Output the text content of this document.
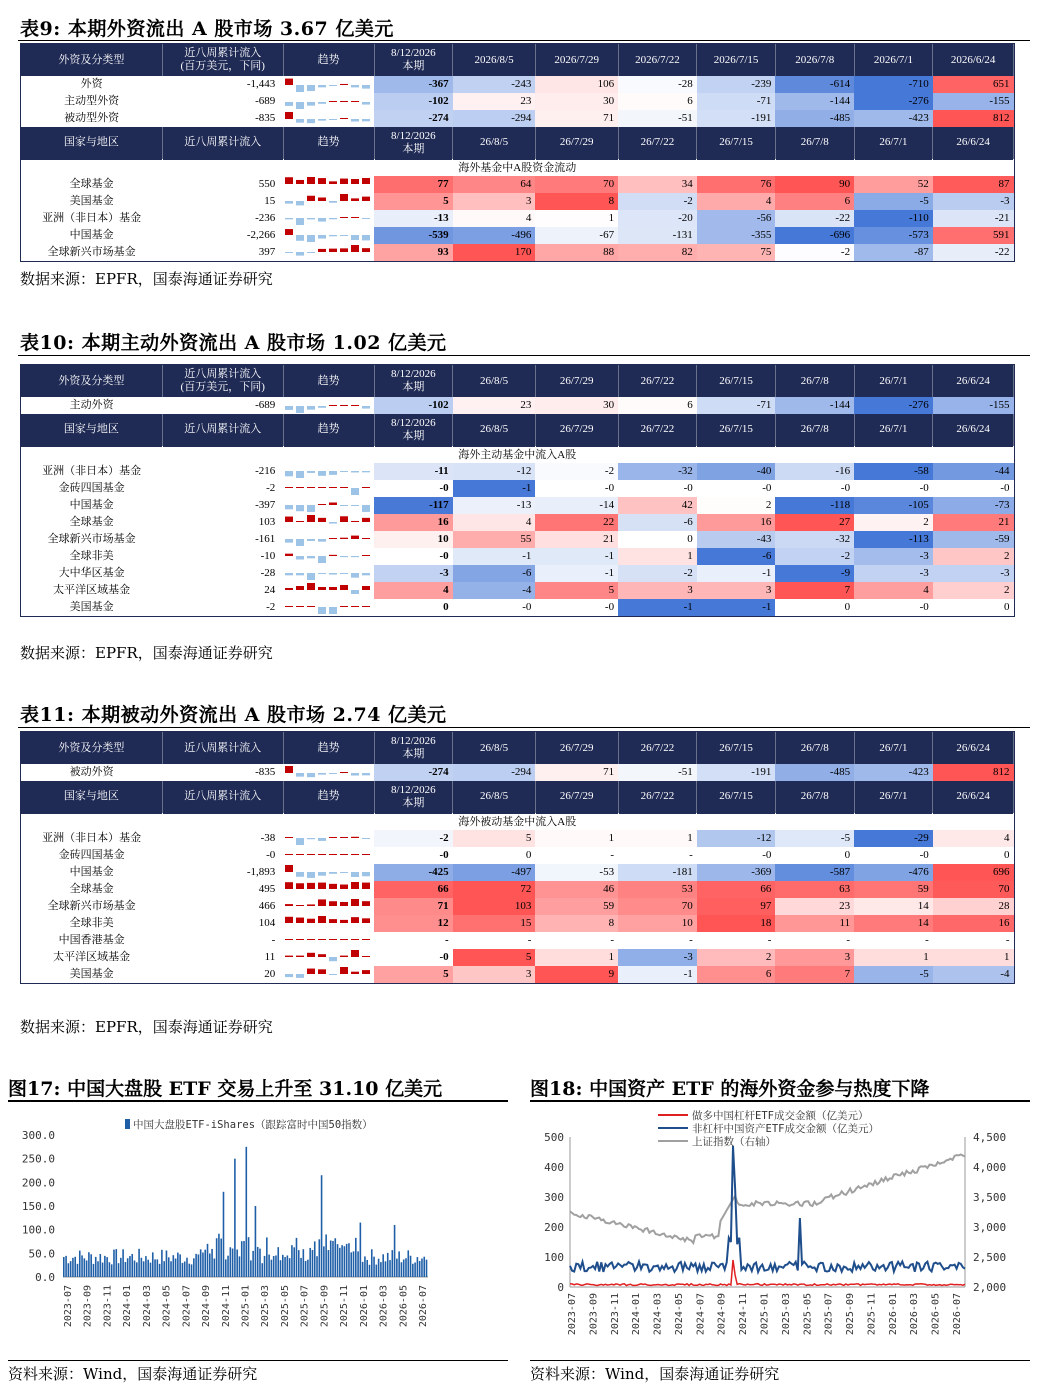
表9: 本期外资流出 A 股市场 3.67 亿美元
外资及分类型	近八周累计流入
(百万美元，下同)	趋势	8/12/2026
本期	2026/8/5	2026/7/29	2026/7/22	2026/7/15	2026/7/8	2026/7/1	2026/6/24
外资	-1,443		-367	-243	106	-28	-239	-614	-710	651
主动型外资	-689		-102	23	30	6	-71	-144	-276	-155
被动型外资	-835		-274	-294	71	-51	-191	-485	-423	812
国家与地区	近八周累计流入	趋势	8/12/2026
本期	26/8/5	26/7/29	26/7/22	26/7/15	26/7/8	26/7/1	26/6/24
海外基金中A股资金流动										
全球基金	550		77	64	70	34	76	90	52	87
美国基金	15		5	3	8	-2	4	6	-5	-3
亚洲（非日本）基金	-236		-13	4	1	-20	-56	-22	-110	-21
中国基金	-2,266		-539	-496	-67	-131	-355	-696	-573	591
全球新兴市场基金	397		93	170	88	82	75	-2	-87	-22
数据来源：EPFR，国泰海通证券研究
表10: 本期主动外资流出 A 股市场 1.02 亿美元
外资及分类型	近八周累计流入
(百万美元，下同)	趋势	8/12/2026
本期	26/8/5	26/7/29	26/7/22	26/7/15	26/7/8	26/7/1	26/6/24
主动外资	-689		-102	23	30	6	-71	-144	-276	-155
国家与地区	近八周累计流入	趋势	8/12/2026
本期	26/8/5	26/7/29	26/7/22	26/7/15	26/7/8	26/7/1	26/6/24
海外主动基金中流入A股										
亚洲（非日本）基金	-216		-11	-12	-2	-32	-40	-16	-58	-44
金砖四国基金	-2		-0	-1	-0	-0	-0	-0	-0	-0
中国基金	-397		-117	-13	-14	42	2	-118	-105	-73
全球基金	103		16	4	22	-6	16	27	2	21
全球新兴市场基金	-161		10	55	21	0	-43	-32	-113	-59
全球非美	-10		-0	-1	-1	1	-6	-2	-3	2
大中华区基金	-28		-3	-6	-1	-2	-1	-9	-3	-3
太平洋区域基金	24		4	-4	5	3	3	7	4	2
美国基金	-2		0	-0	-0	-1	-1	0	-0	0
数据来源：EPFR，国泰海通证券研究
表11: 本期被动外资流出 A 股市场 2.74 亿美元
外资及分类型	近八周累计流入	趋势	8/12/2026
本期	26/8/5	26/7/29	26/7/22	26/7/15	26/7/8	26/7/1	26/6/24
被动外资	-835		-274	-294	71	-51	-191	-485	-423	812
国家与地区	近八周累计流入	趋势	8/12/2026
本期	26/8/5	26/7/29	26/7/22	26/7/15	26/7/8	26/7/1	26/6/24
海外被动基金中流入A股										
亚洲（非日本）基金	-38		-2	5	1	1	-12	-5	-29	4
金砖四国基金	-0		-0	0	-	-	-0	0	-0	0
中国基金	-1,893		-425	-497	-53	-181	-369	-587	-476	696
全球基金	495		66	72	46	53	66	63	59	70
全球新兴市场基金	466		71	103	59	70	97	23	14	28
全球非美	104		12	15	8	10	18	11	14	16
中国香港基金	-		-	-	-	-	-	-	-	-
太平洋区域基金	11		-0	5	1	-3	2	3	1	1
美国基金	20		5	3	9	-1	6	7	-5	-4
数据来源：EPFR，国泰海通证券研究
图17: 中国大盘股 ETF 交易上升至 31.10 亿美元
中国大盘股ETF-iShares（跟踪富时中国50指数）
300.0
250.0
200.0
150.0
100.0
50.0
0.0
2023-07 2023-09 2023-11 2024-01 2024-03 2024-05 2024-07 2024-09 2024-11 2025-01 2025-03 2025-05 2025-07 2025-09 2025-11 2026-01 2026-03 2026-05 2026-07
资料来源：Wind，国泰海通证券研究
图18: 中国资产 ETF 的海外资金参与热度下降
做多中国杠杆ETF成交金额（亿美元）
非杠杆中国资产ETF成交金额（亿美元）
上证指数（右轴）
500
400
300
200
100
0
4,500
4,000
3,500
3,000
2,500
2,000
2023-07 2023-09 2023-11 2024-01 2024-03 2024-05 2024-07 2024-09 2024-11 2025-01 2025-03 2025-05 2025-07 2025-09 2025-11 2026-01 2026-03 2026-05 2026-07
资料来源：Wind，国泰海通证券研究
